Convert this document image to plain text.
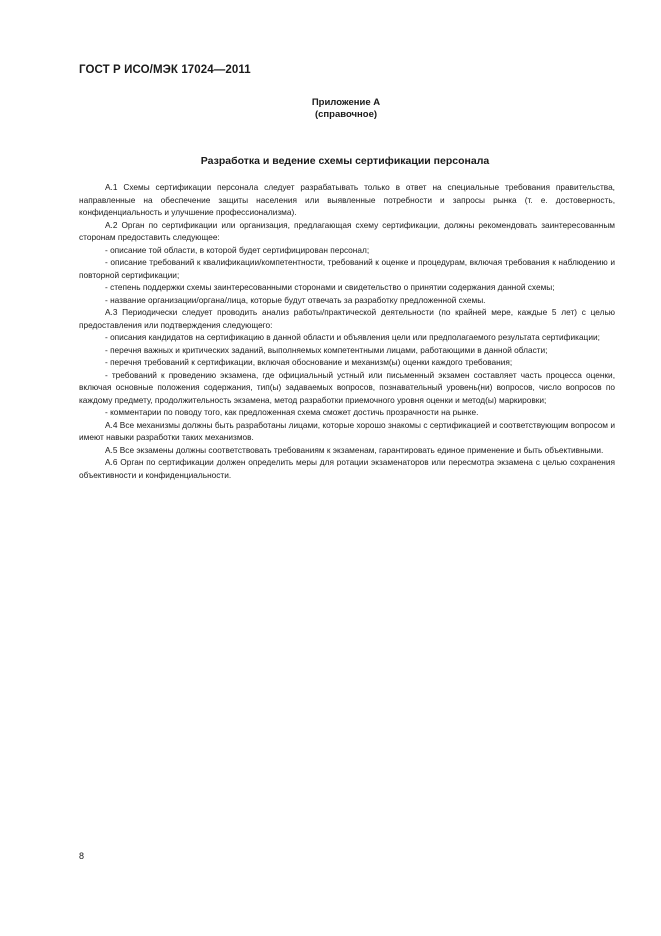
ГОСТ Р ИСО/МЭК 17024—2011
Приложение А
(справочное)
Разработка и ведение схемы сертификации персонала

А.1 Схемы сертификации персонала следует разрабатывать только в ответ на специальные требования правительства, направленные на обеспечение защиты населения или выявленные потребности и запросы рынка (т. е. достоверность, конфиденциальность и улучшение профессионализма).

А.2 Орган по сертификации или организация, предлагающая схему сертификации, должны рекомендовать заинтересованным сторонам предоставить следующее:

- описание той области, в которой будет сертифицирован персонал;

- описание требований к квалификации/компетентности, требований к оценке и процедурам, включая требования к наблюдению и повторной сертификации;

- степень поддержки схемы заинтересованными сторонами и свидетельство о принятии содержания данной схемы;

- название организации/органа/лица, которые будут отвечать за разработку предложенной схемы.

А.3 Периодически следует проводить анализ работы/практической деятельности (по крайней мере, каждые 5 лет) с целью предоставления или подтверждения следующего:

- описания кандидатов на сертификацию в данной области и объявления цели или предполагаемого результата сертификации;

- перечня важных и критических заданий, выполняемых компетентными лицами, работающими в данной области;

- перечня требований к сертификации, включая обоснование и механизм(ы) оценки каждого требования;

- требований к проведению экзамена, где официальный устный или письменный экзамен составляет часть процесса оценки, включая основные положения содержания, тип(ы) задаваемых вопросов, познавательный уровень(ни) вопросов, число вопросов по каждому предмету, продолжительность экзамена, метод разработки приемочного уровня оценки и метод(ы) маркировки;

- комментарии по поводу того, как предложенная схема сможет достичь прозрачности на рынке.

А.4 Все механизмы должны быть разработаны лицами, которые хорошо знакомы с сертификацией и соответствующим вопросом и имеют навыки разработки таких механизмов.

А.5 Все экзамены должны соответствовать требованиям к экзаменам, гарантировать единое применение и быть объективными.

А.6 Орган по сертификации должен определить меры для ротации экзаменаторов или пересмотра экзамена с целью сохранения объективности и конфиденциальности.

8
